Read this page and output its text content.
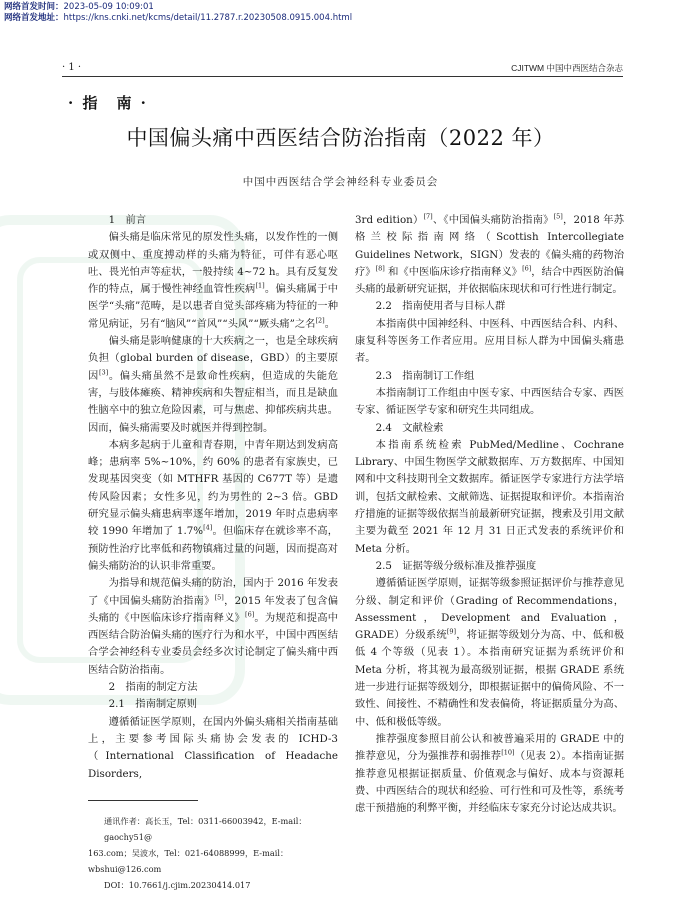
网络首发时间：2023-05-09 10:09:01
网络首发地址：https://kns.cnki.net/kcms/detail/11.2787.r.20230508.0915.004.html
· 1 ·	CJITWM 中国中西医结合杂志
· 指　南 ·
中国偏头痛中西医结合防治指南（2022 年）
中国中西医结合学会神经科专业委员会

1　前言

偏头痛是临床常见的原发性头痛，以发作性的一侧或双侧中、重度搏动样的头痛为特征，可伴有恶心呕吐、畏光怕声等症状，一般持续 4~72 h。具有反复发作的特点，属于慢性神经血管性疾病[1]。偏头痛属于中医学“头痛”范畴，是以患者自觉头部疼痛为特征的一种常见病证，另有“脑风”“首风”“头风”“厥头痛”之名[2]。

偏头痛是影响健康的十大疾病之一，也是全球疾病负担（global burden of disease，GBD）的主要原因[3]。偏头痛虽然不是致命性疾病，但造成的失能危害，与肢体瘫痪、精神疾病和失智症相当，而且是缺血性脑卒中的独立危险因素，可与焦虑、抑郁疾病共患。因而，偏头痛需要及时就医并得到控制。

本病多起病于儿童和青春期，中青年期达到发病高峰；患病率 5%~10%，约 60% 的患者有家族史，已发现基因突变（如 MTHFR 基因的 C677T 等）是遗传风险因素；女性多见，约为男性的 2~3 倍。GBD 研究显示偏头痛患病率逐年增加，2019 年时点患病率较 1990 年增加了 1.7%[4]。但临床存在就诊率不高，预防性治疗比率低和药物镇痛过量的问题，因而提高对偏头痛防治的认识非常重要。

为指导和规范偏头痛的防治，国内于 2016 年发表了《中国偏头痛防治指南》[5]，2015 年发表了包含偏头痛的《中医临床诊疗指南释义》[6]。为规范和提高中西医结合防治偏头痛的医疗行为和水平，中国中西医结合学会神经科专业委员会经多次讨论制定了偏头痛中西医结合防治指南。

2　指南的制定方法

2.1　指南制定原则

遵循循证医学原则，在国内外偏头痛相关指南基础上，主要参考国际头痛协会发表的 ICHD-3（International Classification of Headache Disorders,

3rd edition）[7]、《中国偏头痛防治指南》[5]，2018 年苏格兰校际指南网络（Scottish Intercollegiate Guidelines Network，SIGN）发表的《偏头痛的药物治疗》[8] 和《中医临床诊疗指南释义》[6]，结合中西医防治偏头痛的最新研究证据，并依据临床现状和可行性进行制定。

2.2　指南使用者与目标人群

本指南供中国神经科、中医科、中西医结合科、内科、康复科等医务工作者应用。应用目标人群为中国偏头痛患者。

2.3　指南制订工作组

本指南制订工作组由中医专家、中西医结合专家、西医专家、循证医学专家和研究生共同组成。

2.4　文献检索

本指南系统检索 PubMed/Medline、Cochrane Library、中国生物医学文献数据库、万方数据库、中国知网和中文科技期刊全文数据库。循证医学专家进行方法学培训，包括文献检索、文献筛选、证据提取和评价。本指南治疗措施的证据等级依据当前最新研究证据，搜索及引用文献主要为截至 2021 年 12 月 31 日正式发表的系统评价和 Meta 分析。

2.5　证据等级分级标准及推荐强度

遵循循证医学原则，证据等级参照证据评价与推荐意见分级、制定和评价（Grading of Recommendations，Assessment，Development and Evaluation，GRADE）分级系统[9]，将证据等级划分为高、中、低和极低 4 个等级（见表 1）。本指南研究证据为系统评价和 Meta 分析，将其视为最高级别证据，根据 GRADE 系统进一步进行证据等级划分，即根据证据中的偏倚风险、不一致性、间接性、不精确性和发表偏倚，将证据质量分为高、中、低和极低等级。

推荐强度参照目前公认和被普遍采用的 GRADE 中的推荐意见，分为强推荐和弱推荐[10]（见表 2）。本指南证据推荐意见根据证据质量、价值观念与偏好、成本与资源耗费、中西医结合的现状和经验、可行性和可及性等，系统考虑干预措施的利弊平衡，并经临床专家充分讨论达成共识。

通讯作者：高长玉，Tel：0311-66003942，E-mail：gaochy51@
163.com；吴波水，Tel：021-64088999，E-mail：wbshui@126.com
DOI：10.7661/j.cjim.20230414.017
